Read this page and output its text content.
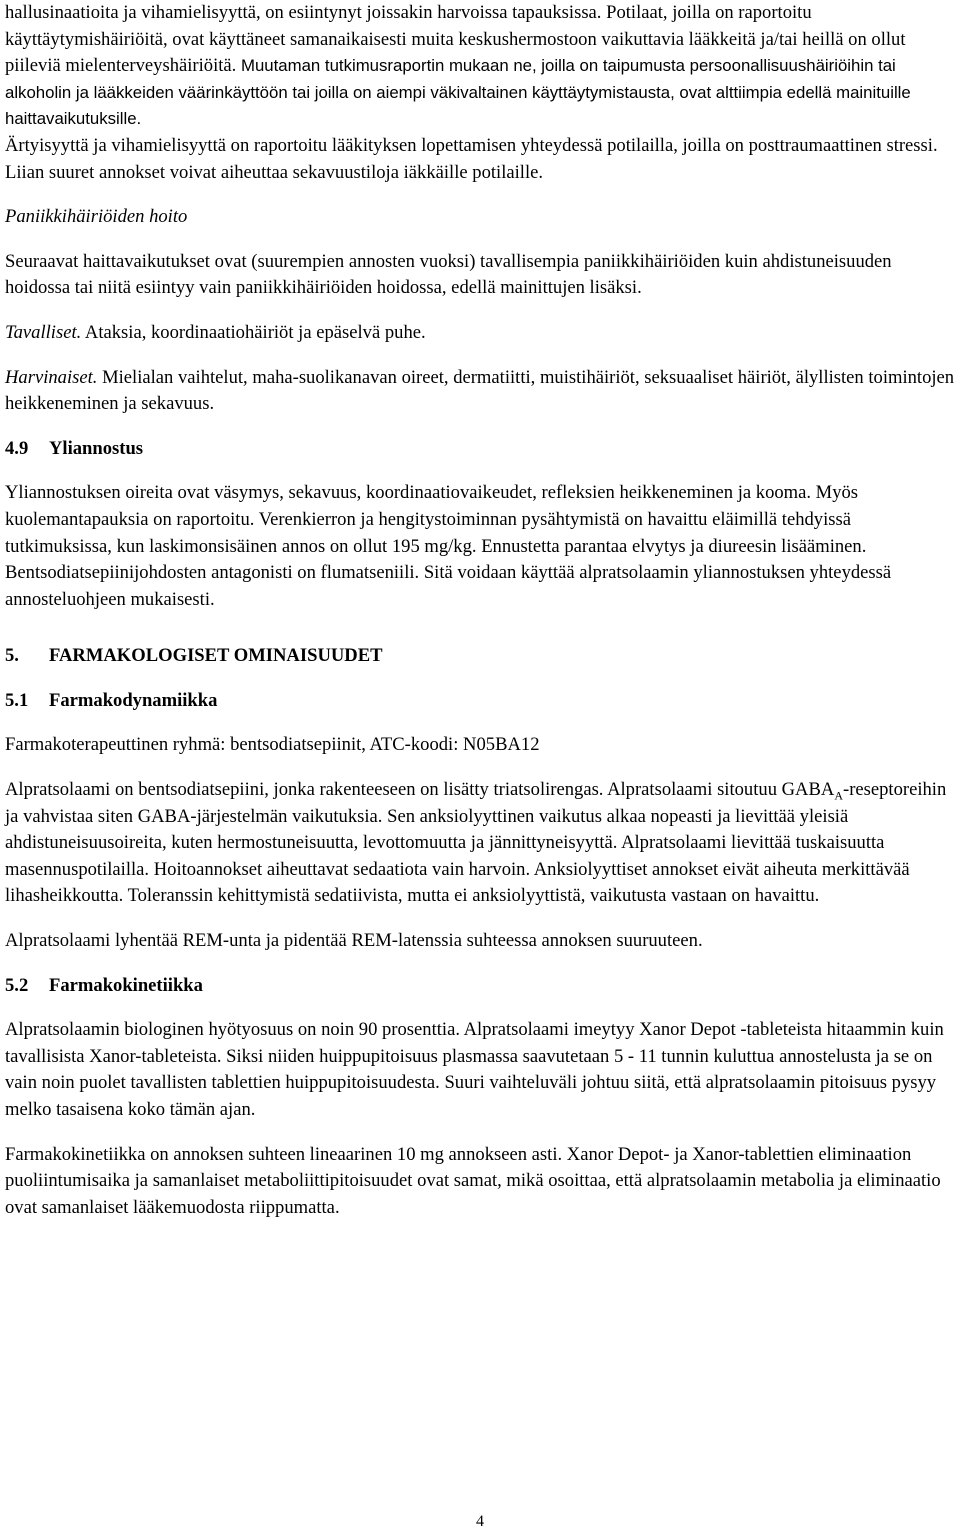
hallusinaatioita ja vihamielisyyttä, on esiintynyt joissakin harvoissa tapauksissa. Potilaat, joilla on raportoitu käyttäytymishäiriöitä, ovat käyttäneet samanaikaisesti muita keskushermostoon vaikuttavia lääkkeitä ja/tai heillä on ollut piileviä mielenterveyshäiriöitä. Muutaman tutkimusraportin mukaan ne, joilla on taipumusta persoonallisuushäiriöihin tai alkoholin ja lääkkeiden väärinkäyttöön tai joilla on aiempi väkivaltainen käyttäytymistausta, ovat alttiimpia edellä mainituille haittavaikutuksille.

Ärtyisyyttä ja vihamielisyyttä on raportoitu lääkityksen lopettamisen yhteydessä potilailla, joilla on posttraumaattinen stressi. Liian suuret annokset voivat aiheuttaa sekavuustiloja iäkkäille potilaille.

Paniikkihäiriöiden hoito

Seuraavat haittavaikutukset ovat (suurempien annosten vuoksi) tavallisempia paniikkihäiriöiden kuin ahdistuneisuuden hoidossa tai niitä esiintyy vain paniikkihäiriöiden hoidossa, edellä mainittujen lisäksi.

Tavalliset. Ataksia, koordinaatiohäiriöt ja epäselvä puhe.

Harvinaiset. Mielialan vaihtelut, maha-suolikanavan oireet, dermatiitti, muistihäiriöt, seksuaaliset häiriöt, älyllisten toimintojen heikkeneminen ja sekavuus.

4.9 Yliannostus

Yliannostuksen oireita ovat väsymys, sekavuus, koordinaatiovaikeudet, refleksien heikkeneminen ja kooma. Myös kuolemantapauksia on raportoitu. Verenkierron ja hengitystoiminnan pysähtymistä on havaittu eläimillä tehdyissä tutkimuksissa, kun laskimonsisäinen annos on ollut 195 mg/kg. Ennustetta parantaa elvytys ja diureesin lisääminen. Bentsodiatsepiinijohdosten antagonisti on flumatseniili. Sitä voidaan käyttää alpratsolaamin yliannostuksen yhteydessä annosteluohjeen mukaisesti.

5. FARMAKOLOGISET OMINAISUUDET

5.1 Farmakodynamiikka

Farmakoterapeuttinen ryhmä: bentsodiatsepiinit, ATC-koodi: N05BA12

Alpratsolaami on bentsodiatsepiini, jonka rakenteeseen on lisätty triatsolirengas. Alpratsolaami sitoutuu $GABA_A$-reseptoreihin ja vahvistaa siten GABA-järjestelmän vaikutuksia. Sen anksiolyyttinen vaikutus alkaa nopeasti ja lievittää yleisiä ahdistuneisuusoireita, kuten hermostuneisuutta, levottomuutta ja jännittyneisyyttä. Alpratsolaami lievittää tuskaisuutta masennuspotilailla. Hoitoannokset aiheuttavat sedaatiota vain harvoin. Anksiolyyttiset annokset eivät aiheuta merkittävää lihasheikkoutta. Toleranssin kehittymistä sedatiivista, mutta ei anksiolyyttistä, vaikutusta vastaan on havaittu.

Alpratsolaami lyhentää REM-unta ja pidentää REM-latenssia suhteessa annoksen suuruuteen.

5.2 Farmakokinetiikka

Alpratsolaamin biologinen hyötyosuus on noin 90 prosenttia. Alpratsolaami imeytyy Xanor Depot -tableteista hitaammin kuin tavallisista Xanor-tableteista. Siksi niiden huippupitoisuus plasmassa saavutetaan 5 - 11 tunnin kuluttua annostelusta ja se on vain noin puolet tavallisten tablettien huippupitoisuudesta. Suuri vaihteluväli johtuu siitä, että alpratsolaamin pitoisuus pysyy melko tasaisena koko tämän ajan.

Farmakokinetiikka on annoksen suhteen lineaarinen 10 mg annokseen asti. Xanor Depot- ja Xanor-tablettien eliminaation puoliintumisaika ja samanlaiset metaboliittipitoisuudet ovat samat, mikä osoittaa, että alpratsolaamin metabolia ja eliminaatio ovat samanlaiset lääkemuodosta riippumatta.

4
